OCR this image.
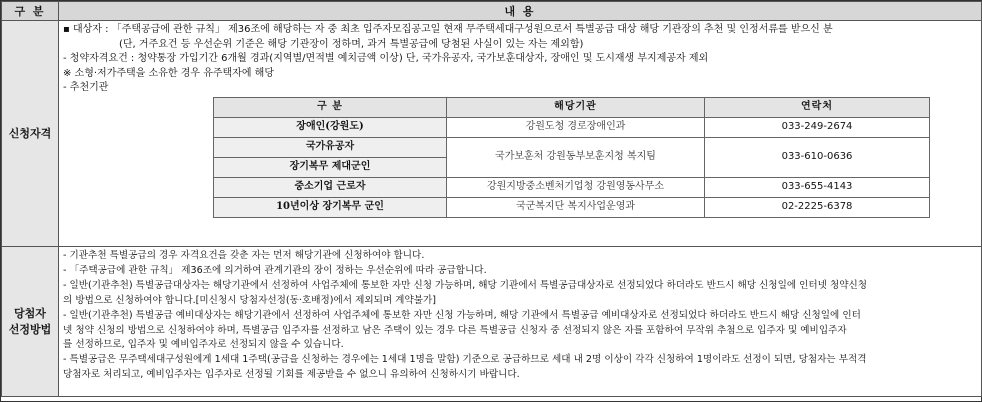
구 분	내 용
신청자격	
▪ 대상자 : 「주택공급에 관한 규칙」 제36조에 해당하는 자 중 최초 입주자모집공고일 현재 무주택세대구성원으로서 특별공급 대상 해당 기관장의 추천 및 인정서류를 받으신 분
(단, 거주요건 등 우선순위 기준은 해당 기관장이 정하며, 과거 특별공급에 당첨된 사실이 있는 자는 제외함)
- 청약자격요건 : 청약통장 가입기간 6개월 경과(지역별/면적별 예치금액 이상) 단, 국가유공자, 국가보훈대상자, 장애인 및 도시재생 부지제공자 제외
※ 소형·저가주택을 소유한 경우 유주택자에 해당
- 추천기관
구 분	해당기관	연락처
장애인(강원도)	강원도청 경로장애인과	033-249-2674
국가유공자	국가보훈처 강원동부보훈지청 복지팀	033-610-0636
장기복무 제대군인
중소기업 근로자	강원지방중소벤처기업청 강원영동사무소	033-655-4143
10년이상 장기복무 군인	국군복지단 복지사업운영과	02-2225-6378

당첨자
선정방법

- 기관추천 특별공급의 경우 자격요건을 갖춘 자는 먼저 해당기관에 신청하여야 합니다.
- 「주택공급에 관한 규칙」 제36조에 의거하여 관계기관의 장이 정하는 우선순위에 따라 공급합니다.
- 일반(기관추천) 특별공급대상자는 해당기관에서 선정하여 사업주체에 통보한 자만 신청 가능하며, 해당 기관에서 특별공급대상자로 선정되었다 하더라도 반드시 해당 신청일에 인터넷 청약신청
의 방법으로 신청하여야 합니다.[미신청시 당첨자선정(동·호배정)에서 제외되며 계약불가]
- 일반(기관추천) 특별공급 예비대상자는 해당기관에서 선정하여 사업주체에 통보한 자만 신청 가능하며, 해당 기관에서 특별공급 예비대상자로 선정되었다 하더라도 반드시 해당 신청일에 인터
넷 청약 신청의 방법으로 신청하여야 하며, 특별공급 입주자를 선정하고 남은 주택이 있는 경우 다른 특별공급 신청자 중 선정되지 않은 자를 포함하여 무작위 추첨으로 입주자 및 예비입주자
를 선정하므로, 입주자 및 예비입주자로 선정되지 않을 수 있습니다.
- 특별공급은 무주택세대구성원에게 1세대 1주택(공급을 신청하는 경우에는 1세대 1명을 말함) 기준으로 공급하므로 세대 내 2명 이상이 각각 신청하여 1명이라도 선정이 되면, 당첨자는 부적격
당첨자로 처리되고, 예비입주자는 입주자로 선정될 기회를 제공받을 수 없으니 유의하여 신청하시기 바랍니다.
